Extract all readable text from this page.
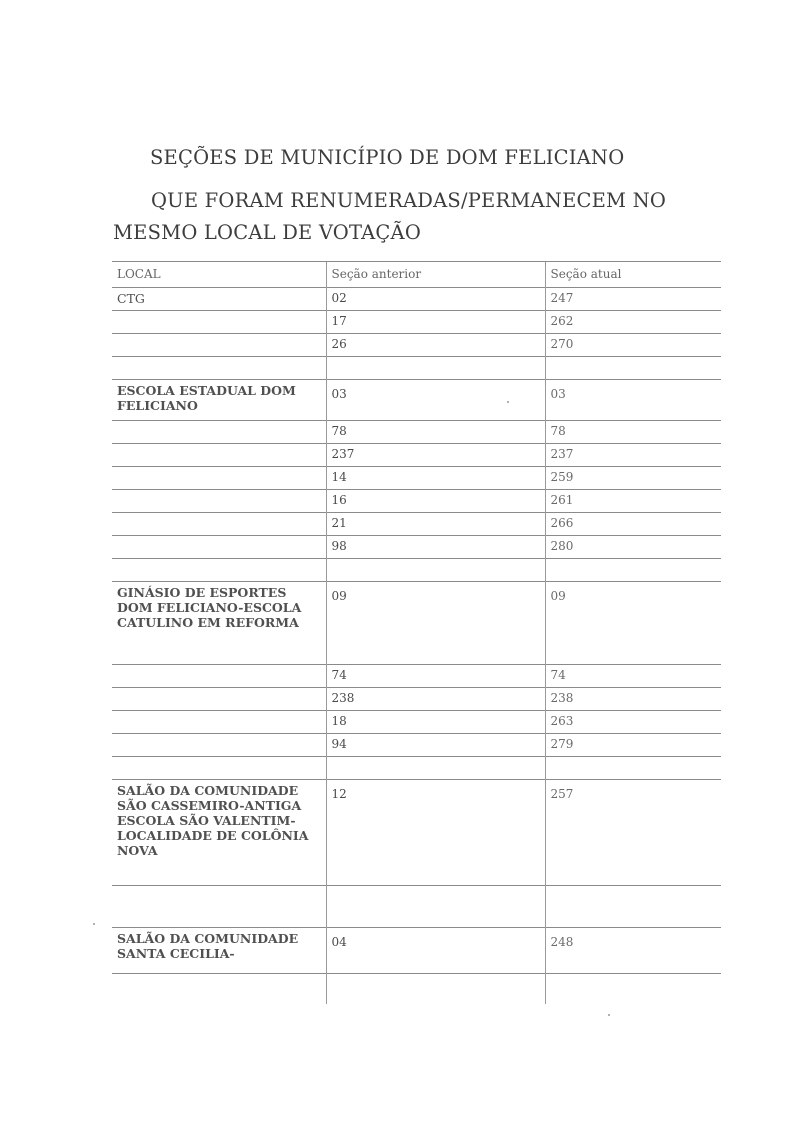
SEÇÕES DE MUNICÍPIO DE DOM FELICIANO
QUE FORAM RENUMERADAS/PERMANECEM NO
MESMO LOCAL DE VOTAÇÃO
LOCAL	Seção anterior	Seção atual
CTG	02	247
	17	262
	26	270

ESCOLA ESTADUAL DOM FELICIANO	03	03
	78	78
	237	237
	14	259
	16	261
	21	266
	98	280

GINÁSIO DE ESPORTES DOM FELICIANO-ESCOLA CATULINO EM REFORMA	09	09
	74	74
	238	238
	18	263
	94	279

SALÃO DA COMUNIDADE SÃO CASSEMIRO-ANTIGA ESCOLA SÃO VALENTIM- LOCALIDADE DE COLÔNIA NOVA	12	257

SALÃO DA COMUNIDADE SANTA CECILIA-	04	248
